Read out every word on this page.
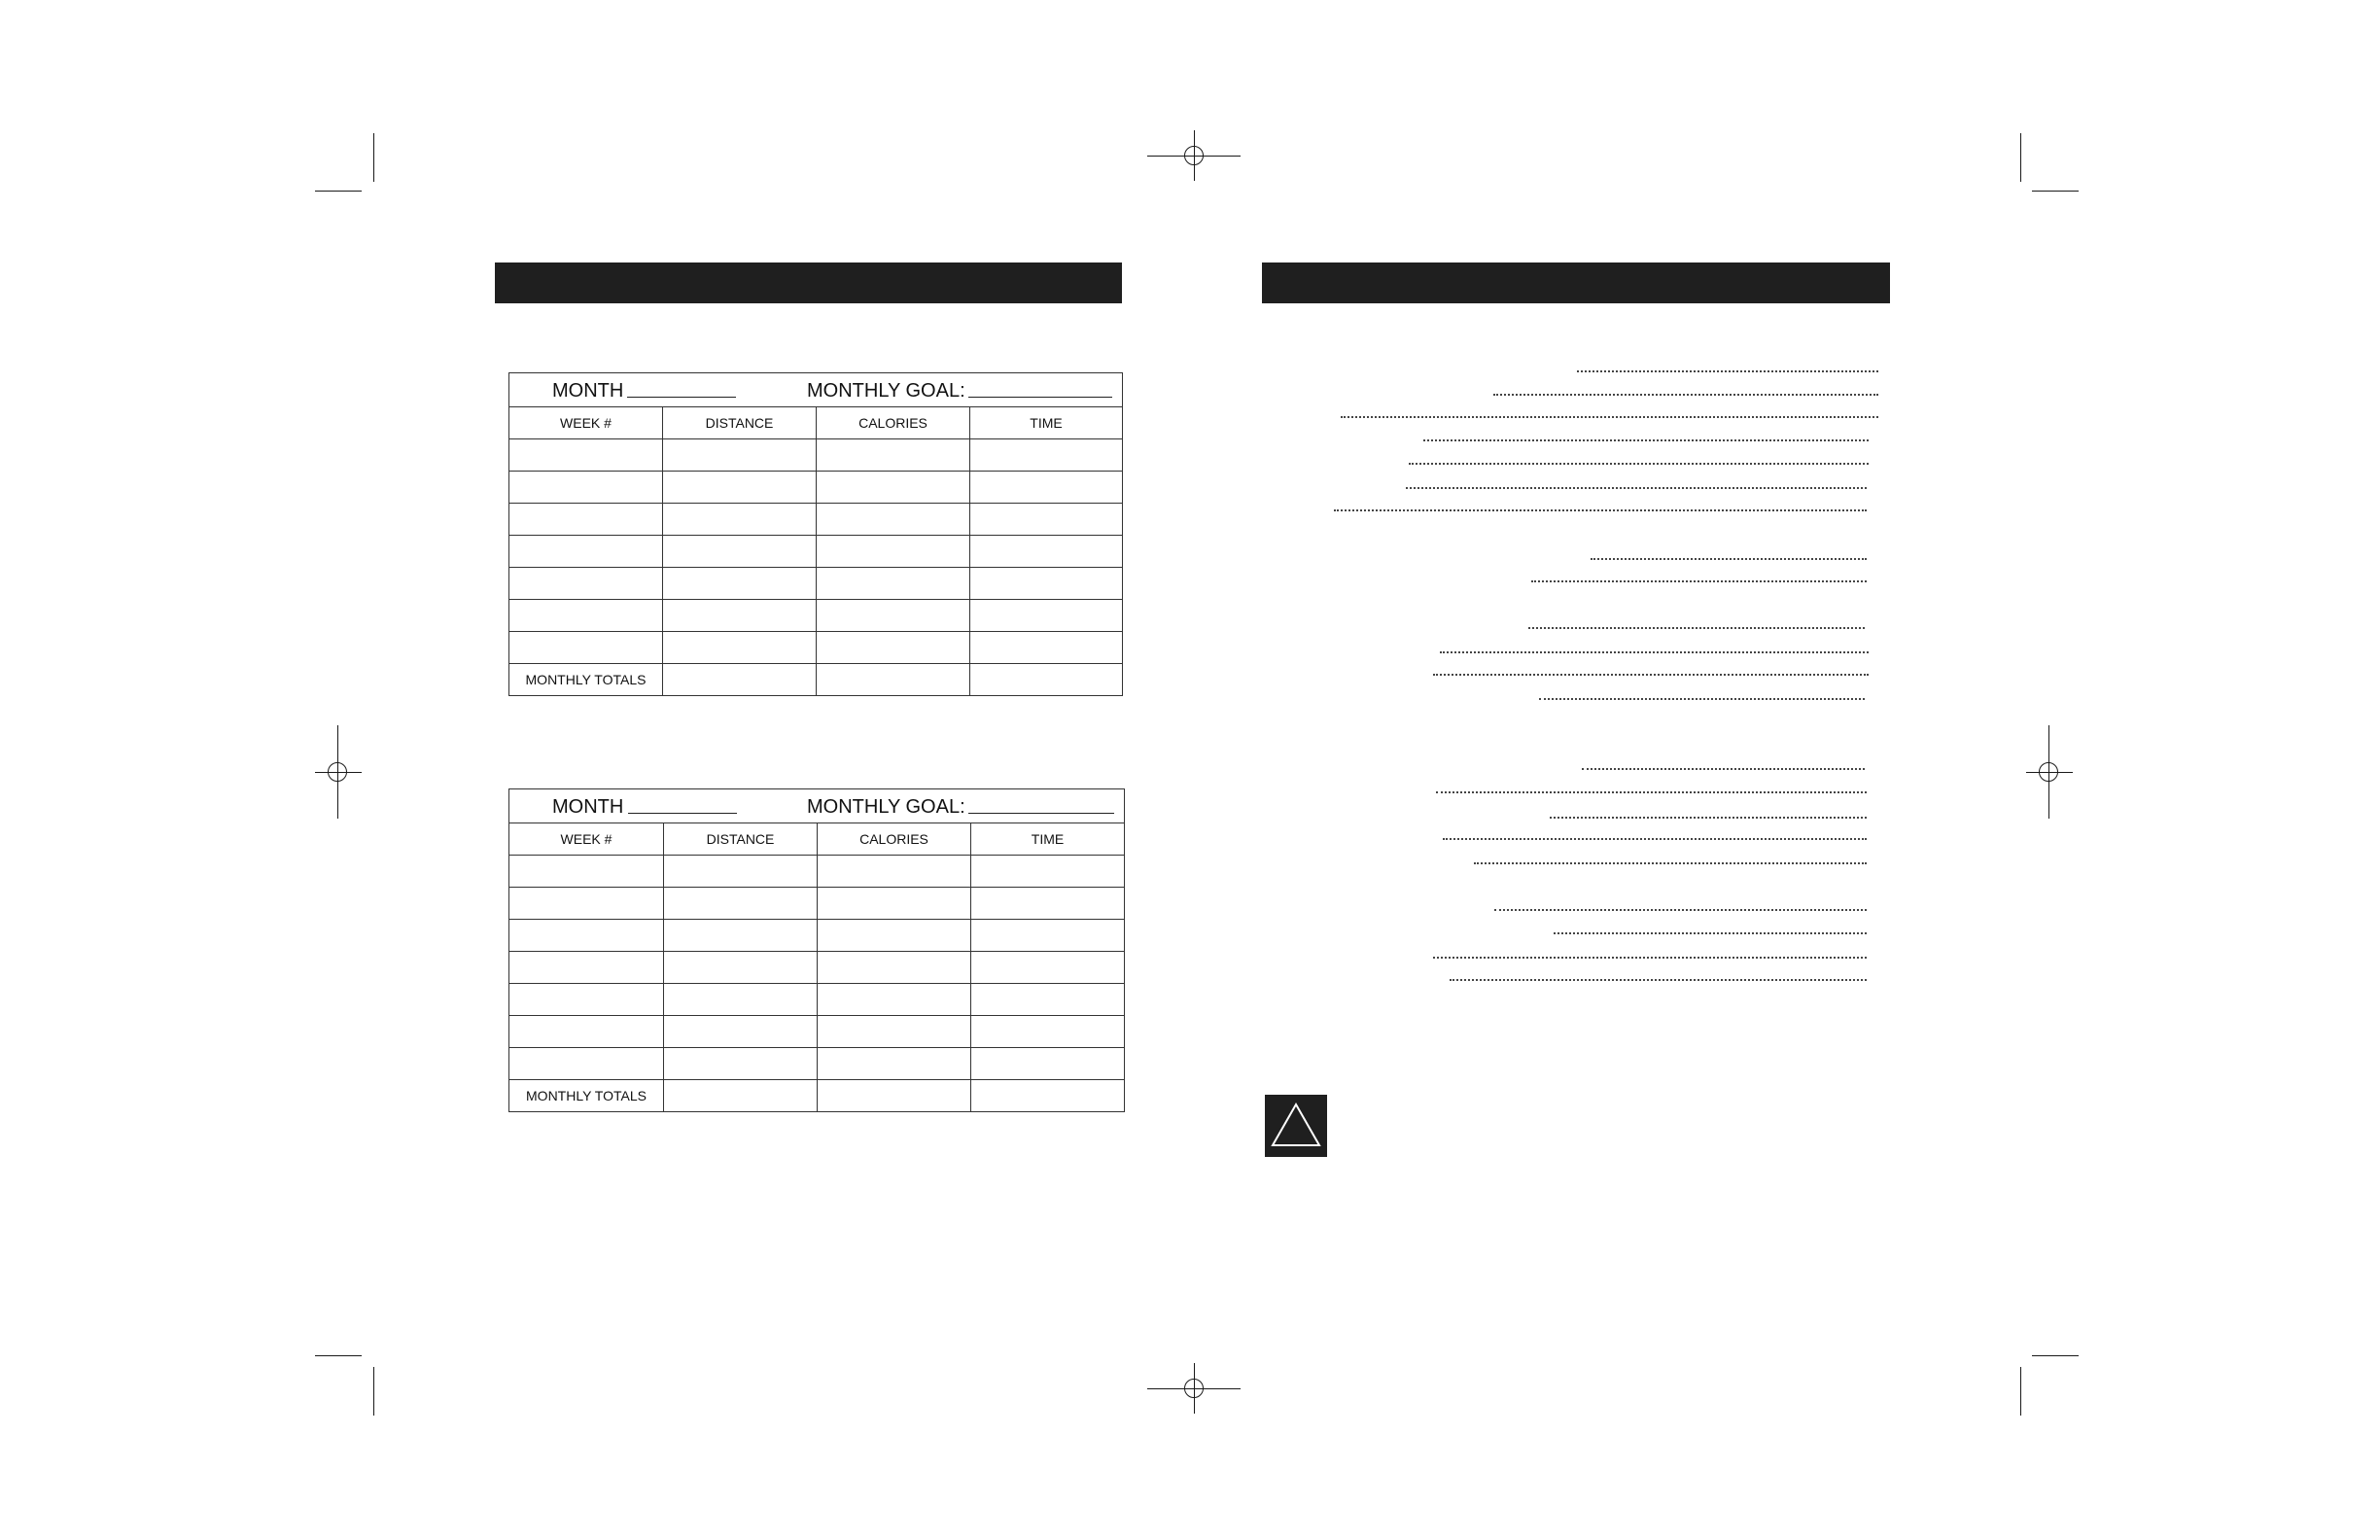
MONTH MONTHLY GOAL:			

WEEK #	DISTANCE	CALORIES	TIME

MONTHLY TOTALS			
MONTH MONTHLY GOAL:			

WEEK #	DISTANCE	CALORIES	TIME

MONTHLY TOTALS			
